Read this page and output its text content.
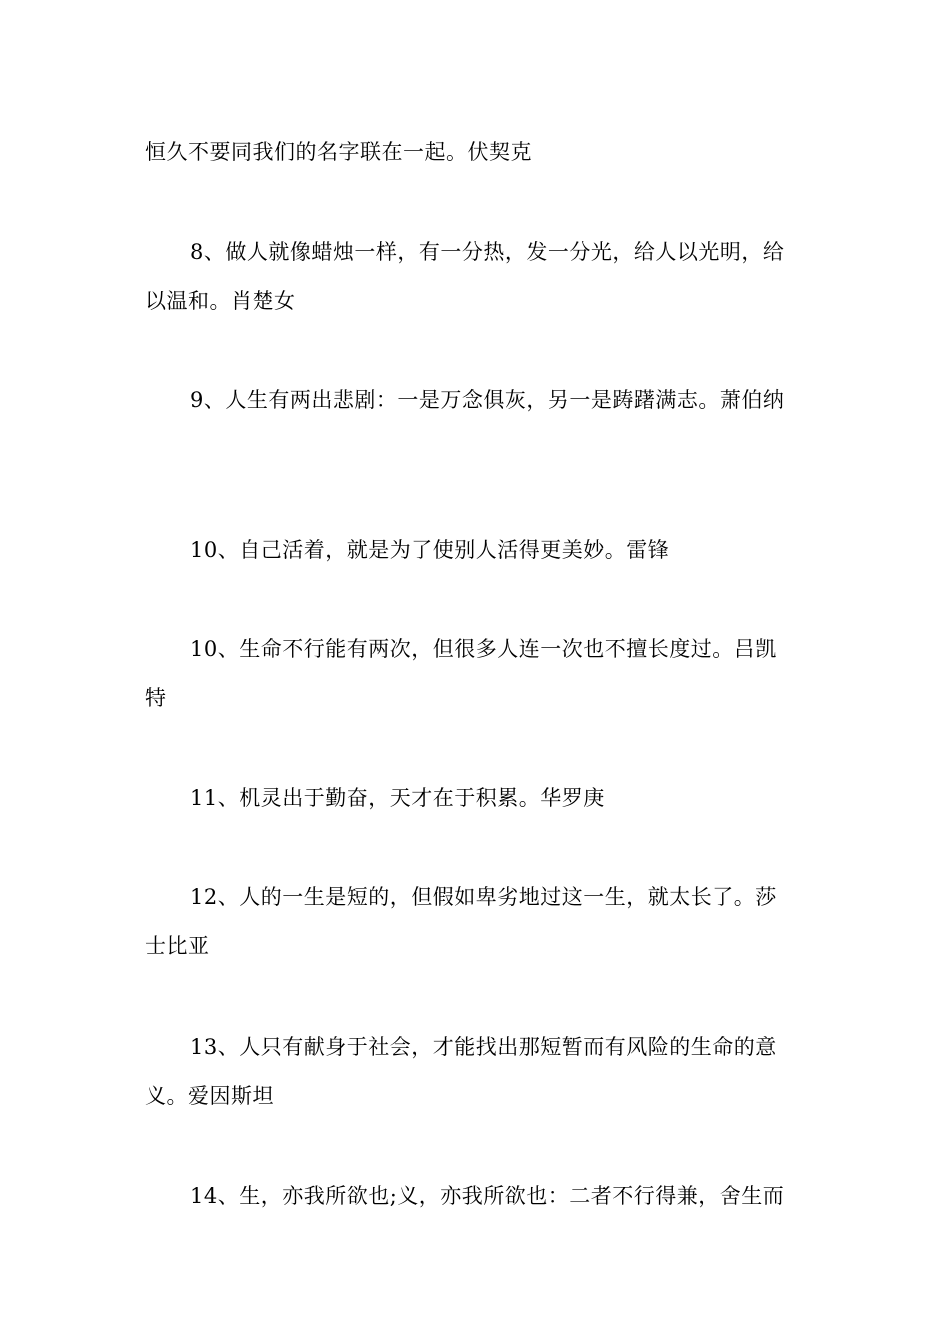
恒久不要同我们的名字联在一起。伏契克
8、做人就像蜡烛一样，有一分热，发一分光，给人以光明，给
以温和。肖楚女
9、人生有两出悲剧：一是万念俱灰，另一是踌躇满志。萧伯纳
10、自己活着，就是为了使别人活得更美妙。雷锋
10、生命不行能有两次，但很多人连一次也不擅长度过。吕凯
特
11、机灵出于勤奋，天才在于积累。华罗庚
12、人的一生是短的，但假如卑劣地过这一生，就太长了。莎
士比亚
13、人只有献身于社会，才能找出那短暂而有风险的生命的意
义。爱因斯坦
14、生，亦我所欲也;义，亦我所欲也：二者不行得兼，舍生而
